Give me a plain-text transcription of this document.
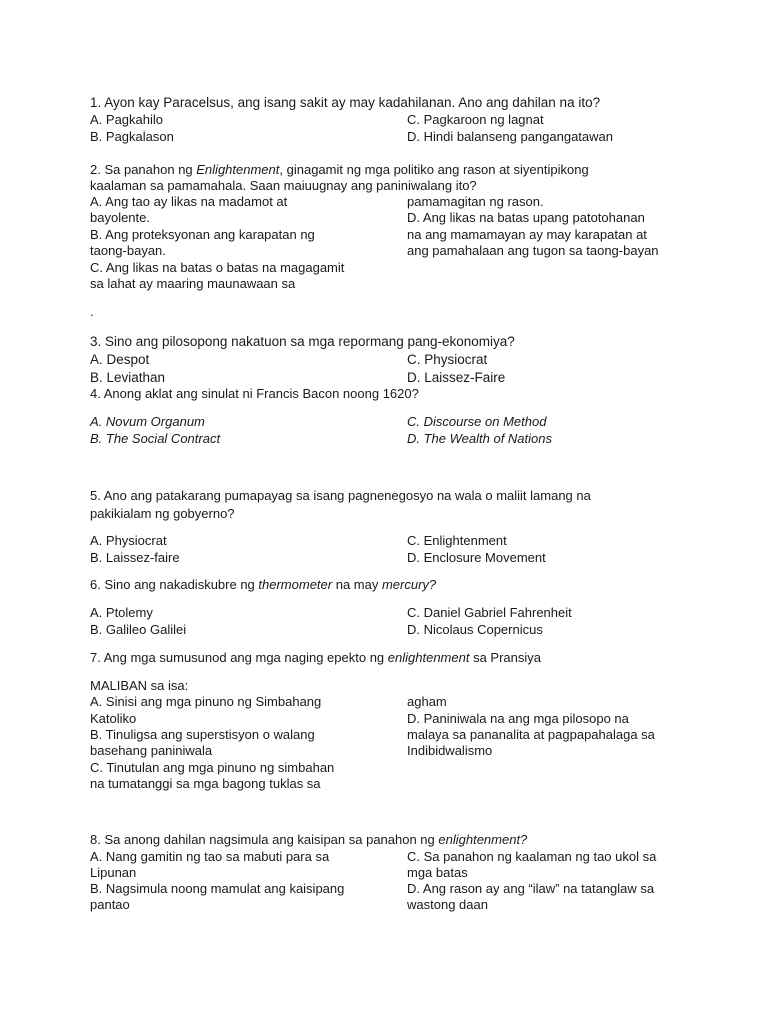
1. Ayon kay Paracelsus, ang isang sakit ay may kadahilanan. Ano ang dahilan na ito?
A. Pagkahilo
B. Pagkalason
C. Pagkaroon ng lagnat
D. Hindi balanseng pangangatawan
2. Sa panahon ng Enlightenment, ginagamit ng mga politiko ang rason at siyentipikong
kaalaman sa pamamahala. Saan maiuugnay ang paniniwalang ito?
A. Ang tao ay likas na madamot at
bayolente.
B. Ang proteksyonan ang karapatan ng
taong-bayan.
C. Ang likas na batas o batas na magagamit
sa lahat ay maaring maunawaan sa
pamamagitan ng rason.
D. Ang likas na batas upang patotohanan
na ang mamamayan ay may karapatan at
ang pamahalaan ang tugon sa taong-bayan
.
3. Sino ang pilosopong nakatuon sa mga repormang pang-ekonomiya?
A. Despot
B. Leviathan
C. Physiocrat
D. Laissez-Faire
4. Anong aklat ang sinulat ni Francis Bacon noong 1620?
A. Novum Organum
B. The Social Contract
C. Discourse on Method
D. The Wealth of Nations
5. Ano ang patakarang pumapayag sa isang pagnenegosyo na wala o maliit lamang na
pakikialam ng gobyerno?
A. Physiocrat
B. Laissez-faire
C. Enlightenment
D. Enclosure Movement
6. Sino ang nakadiskubre ng thermometer na may mercury?
A. Ptolemy
B. Galileo Galilei
C. Daniel Gabriel Fahrenheit
D. Nicolaus Copernicus
7. Ang mga sumusunod ang mga naging epekto ng enlightenment sa Pransiya
MALIBAN sa isa:
A. Sinisi ang mga pinuno ng Simbahang
Katoliko
B. Tinuligsa ang superstisyon o walang
basehang paniniwala
C. Tinutulan ang mga pinuno ng simbahan
na tumatanggi sa mga bagong tuklas sa
agham
D. Paniniwala na ang mga pilosopo na
malaya sa pananalita at pagpapahalaga sa
Indibidwalismo
8. Sa anong dahilan nagsimula ang kaisipan sa panahon ng enlightenment?
A. Nang gamitin ng tao sa mabuti para sa
Lipunan
B. Nagsimula noong mamulat ang kaisipang
pantao
C. Sa panahon ng kaalaman ng tao ukol sa
mga batas
D. Ang rason ay ang “ilaw” na tatanglaw sa
wastong daan
